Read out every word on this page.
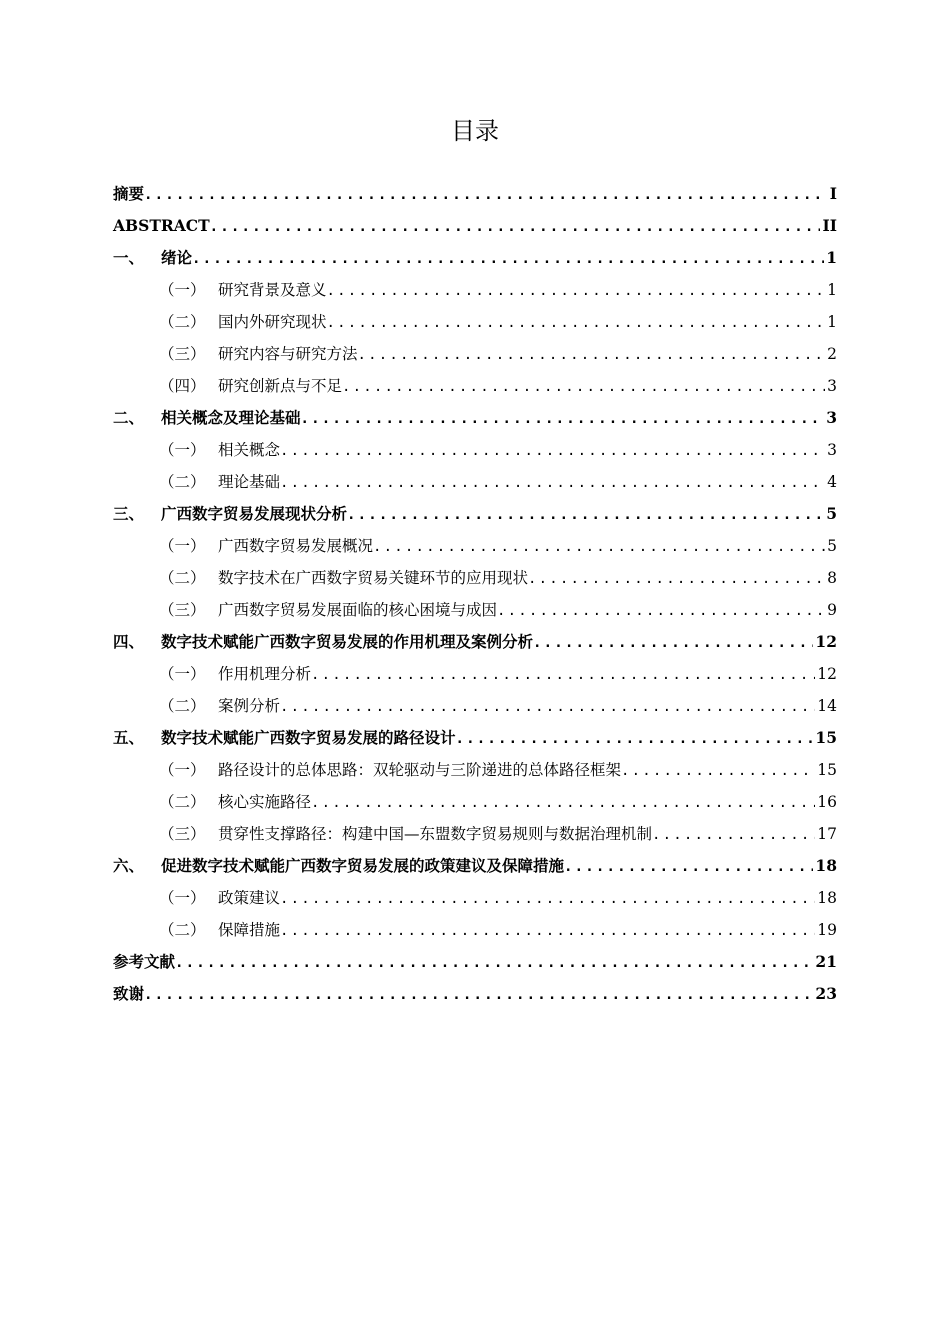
目录
摘要 .....	I
ABSTRACT .....	II
一、	绪论 .....	1
（一） 研究背景及意义 .....	1
（二） 国内外研究现状 .....	1
（三） 研究内容与研究方法 .....	2
（四） 研究创新点与不足 .....	3
二、	相关概念及理论基础 .....	3
（一） 相关概念 .....	3
（二） 理论基础 .....	4
三、	广西数字贸易发展现状分析 .....	5
（一） 广西数字贸易发展概况 .....	5
（二） 数字技术在广西数字贸易关键环节的应用现状 .....	8
（三） 广西数字贸易发展面临的核心困境与成因 .....	9
四、	数字技术赋能广西数字贸易发展的作用机理及案例分析 .....	12
（一） 作用机理分析 .....	12
（二） 案例分析 .....	14
五、	数字技术赋能广西数字贸易发展的路径设计 .....	15
（一） 路径设计的总体思路：双轮驱动与三阶递进的总体路径框架 .....	15
（二） 核心实施路径 .....	16
（三） 贯穿性支撑路径：构建中国—东盟数字贸易规则与数据治理机制 .....	17
六、	促进数字技术赋能广西数字贸易发展的政策建议及保障措施 .....	18
（一） 政策建议 .....	18
（二） 保障措施 .....	19
参考文献 .....	21
致谢 .....	23
